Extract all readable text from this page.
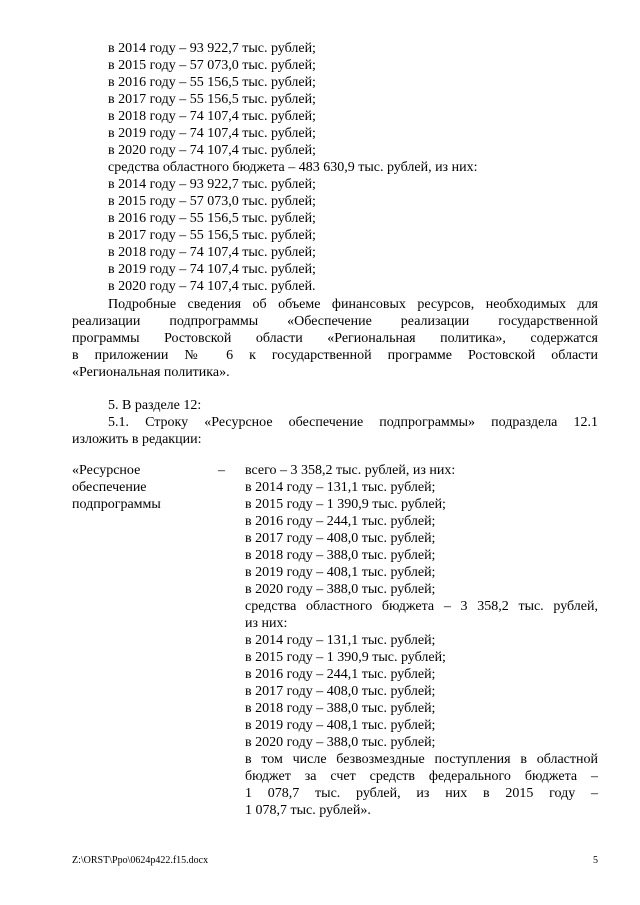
в 2014 году – 93 922,7 тыс. рублей;
в 2015 году – 57 073,0 тыс. рублей;
в 2016 году – 55 156,5 тыс. рублей;
в 2017 году – 55 156,5 тыс. рублей;
в 2018 году – 74 107,4 тыс. рублей;
в 2019 году – 74 107,4 тыс. рублей;
в 2020 году – 74 107,4 тыс. рублей;
средства областного бюджета – 483 630,9 тыс. рублей, из них:
в 2014 году – 93 922,7 тыс. рублей;
в 2015 году – 57 073,0 тыс. рублей;
в 2016 году – 55 156,5 тыс. рублей;
в 2017 году – 55 156,5 тыс. рублей;
в 2018 году – 74 107,4 тыс. рублей;
в 2019 году – 74 107,4 тыс. рублей;
в 2020 году – 74 107,4 тыс. рублей.
Подробные сведения об объеме финансовых ресурсов, необходимых для
реализации подпрограммы «Обеспечение реализации государственной
программы Ростовской области «Региональная политика», содержатся
в приложении № 6 к государственной программе Ростовской области
«Региональная политика».
5. В разделе 12:
5.1. Строку «Ресурсное обеспечение подпрограммы» подраздела 12.1
изложить в редакции:
«Ресурсное
обеспечение
подпрограммы
–	всего – 3 358,2 тыс. рублей, из них:
в 2014 году – 131,1 тыс. рублей;
в 2015 году – 1 390,9 тыс. рублей;
в 2016 году – 244,1 тыс. рублей;
в 2017 году – 408,0 тыс. рублей;
в 2018 году – 388,0 тыс. рублей;
в 2019 году – 408,1 тыс. рублей;
в 2020 году – 388,0 тыс. рублей;
средства областного бюджета – 3 358,2 тыс. рублей,
из них:
в 2014 году – 131,1 тыс. рублей;
в 2015 году – 1 390,9 тыс. рублей;
в 2016 году – 244,1 тыс. рублей;
в 2017 году – 408,0 тыс. рублей;
в 2018 году – 388,0 тыс. рублей;
в 2019 году – 408,1 тыс. рублей;
в 2020 году – 388,0 тыс. рублей;
в том числе безвозмездные поступления в областной
бюджет за счет средств федерального бюджета –
1 078,7 тыс. рублей, из них в 2015 году –
1 078,7 тыс. рублей».
Z:\ORST\Ppo\0624p422.f15.docx	5
